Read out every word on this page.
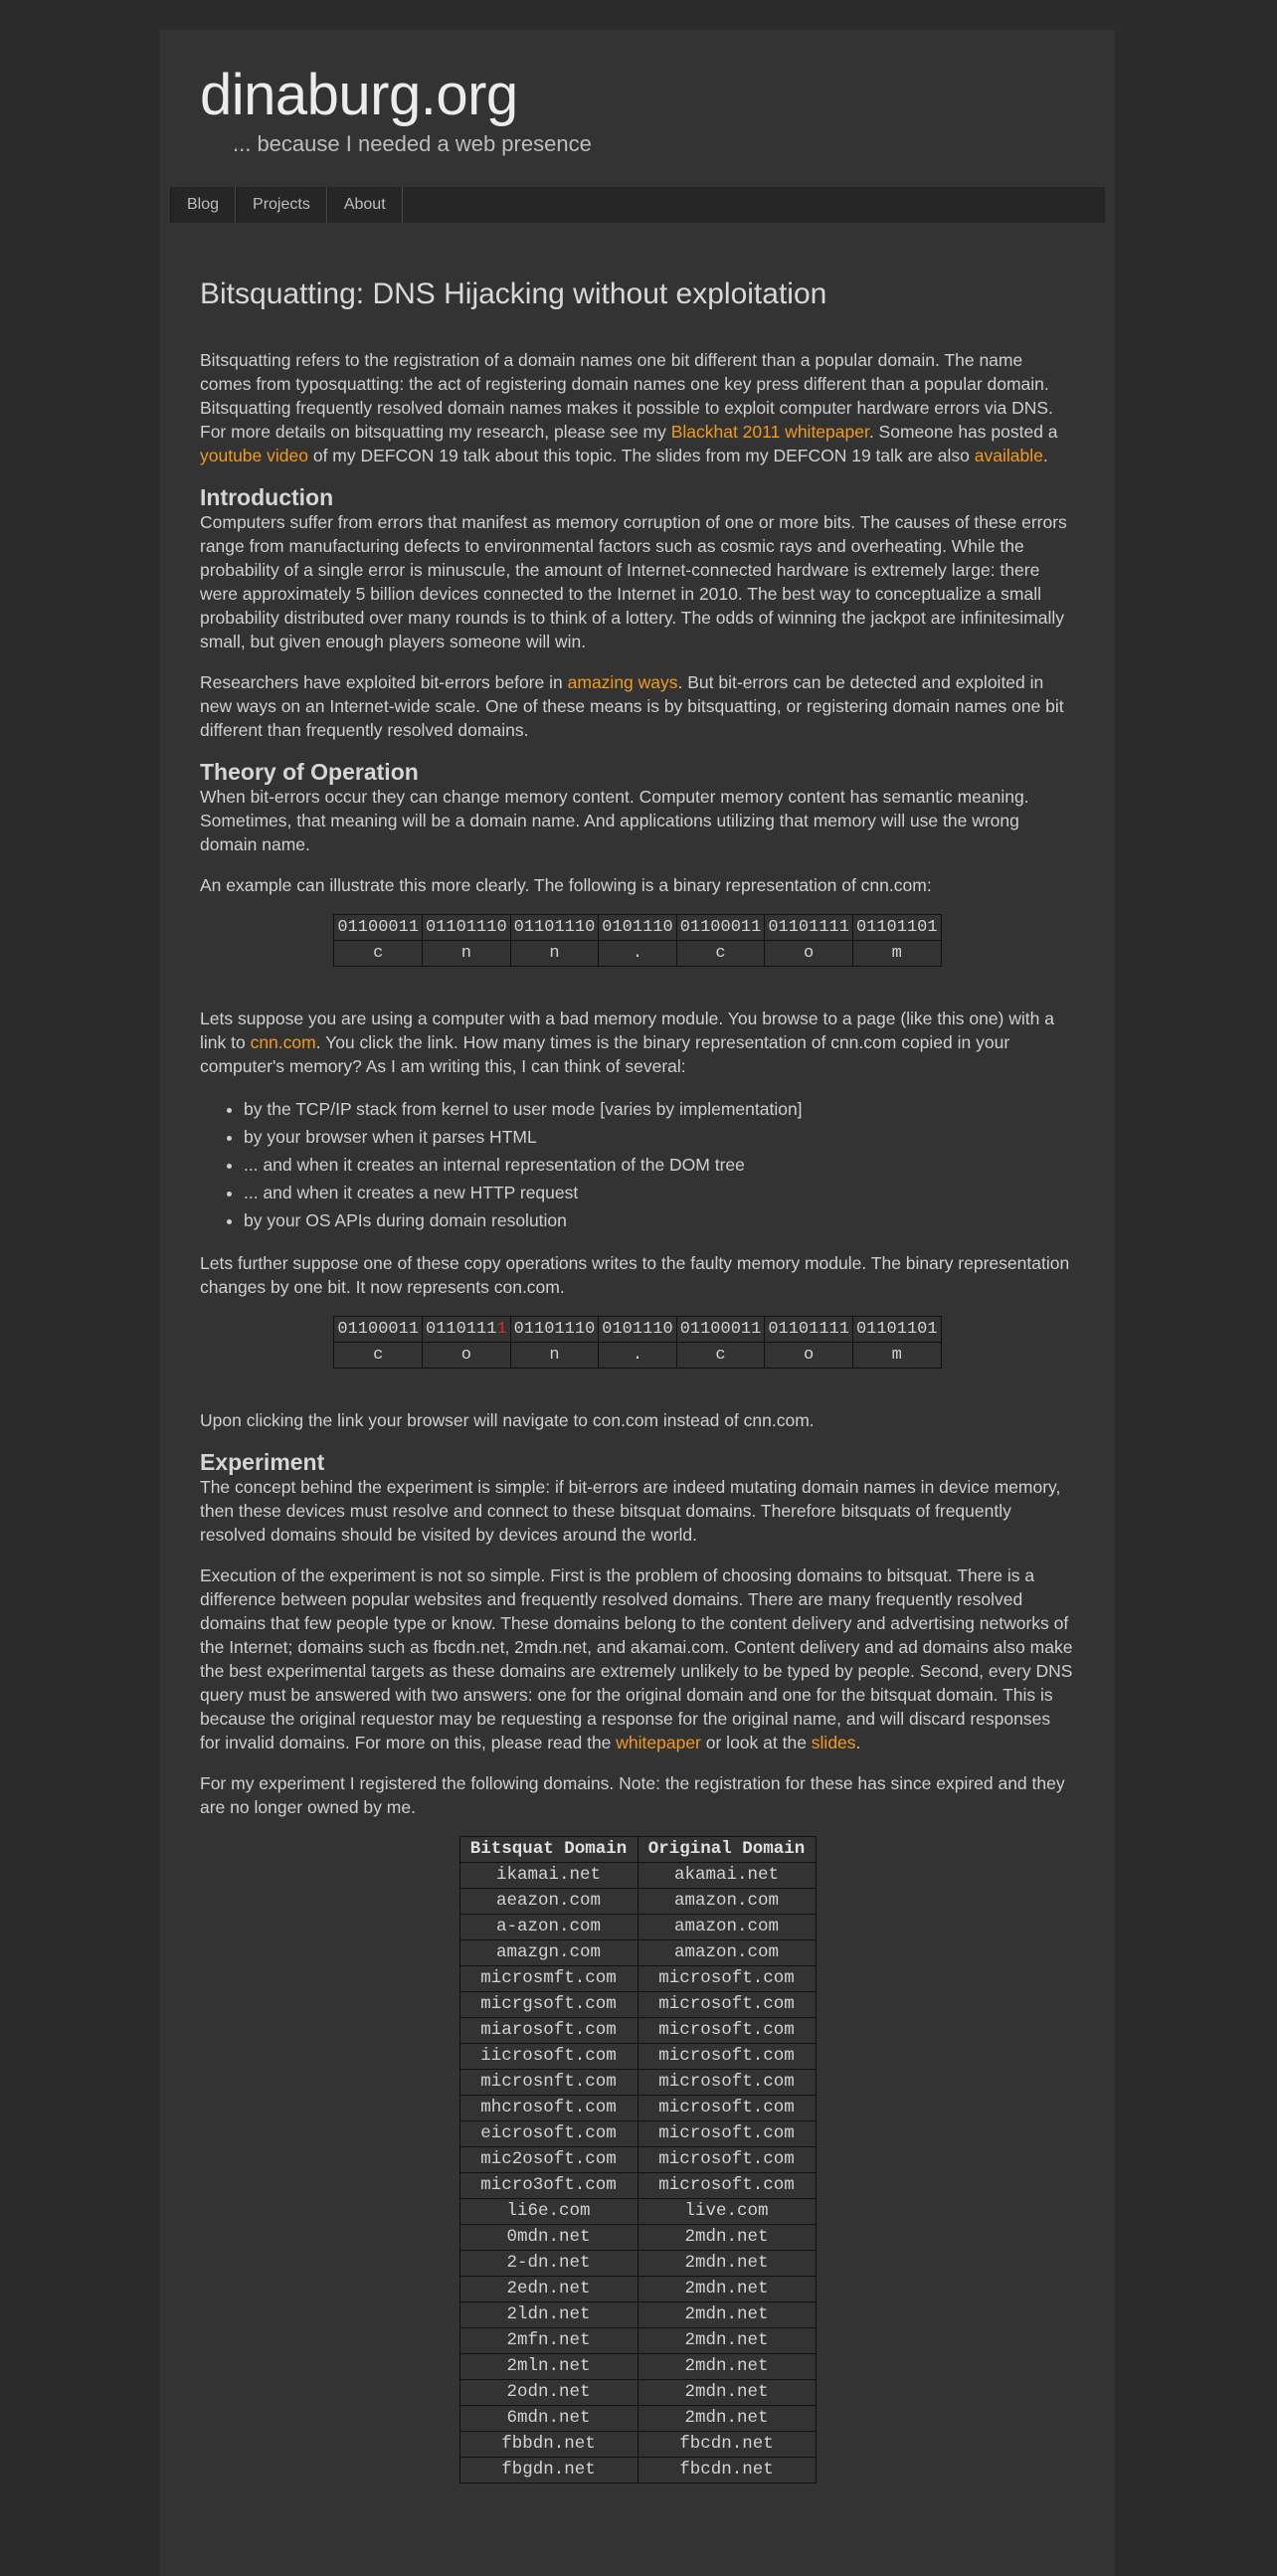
dinaburg.org

... because I needed a web presence

Blog	Projects	About
Bitsquatting: DNS Hijacking without exploitation

Bitsquatting refers to the registration of a domain names one bit different than a popular domain. The name comes from typosquatting: the act of registering domain names one key press different than a popular domain. Bitsquatting frequently resolved domain names makes it possible to exploit computer hardware errors via DNS. For more details on bitsquatting my research, please see my Blackhat 2011 whitepaper. Someone has posted a youtube video of my DEFCON 19 talk about this topic. The slides from my DEFCON 19 talk are also available.

Introduction

Computers suffer from errors that manifest as memory corruption of one or more bits. The causes of these errors range from manufacturing defects to environmental factors such as cosmic rays and overheating. While the probability of a single error is minuscule, the amount of Internet-connected hardware is extremely large: there were approximately 5 billion devices connected to the Internet in 2010. The best way to conceptualize a small probability distributed over many rounds is to think of a lottery. The odds of winning the jackpot are infinitesimally small, but given enough players someone will win.

Researchers have exploited bit-errors before in amazing ways. But bit-errors can be detected and exploited in new ways on an Internet-wide scale. One of these means is by bitsquatting, or registering domain names one bit different than frequently resolved domains.

Theory of Operation

When bit-errors occur they can change memory content. Computer memory content has semantic meaning. Sometimes, that meaning will be a domain name. And applications utilizing that memory will use the wrong domain name.

An example can illustrate this more clearly. The following is a binary representation of cnn.com:

01100011	01101110	01101110	0101110	01100011	01101111	01101101
c	n	n	.	c	o	m

Lets suppose you are using a computer with a bad memory module. You browse to a page (like this one) with a link to cnn.com. You click the link. How many times is the binary representation of cnn.com copied in your computer's memory? As I am writing this, I can think of several:

• by the TCP/IP stack from kernel to user mode [varies by implementation]
• by your browser when it parses HTML
• ... and when it creates an internal representation of the DOM tree
• ... and when it creates a new HTTP request
• by your OS APIs during domain resolution

Lets further suppose one of these copy operations writes to the faulty memory module. The binary representation changes by one bit. It now represents con.com.

01100011	01101111	01101110	0101110	01100011	01101111	01101101
c	o	n	.	c	o	m

Upon clicking the link your browser will navigate to con.com instead of cnn.com.

Experiment

The concept behind the experiment is simple: if bit-errors are indeed mutating domain names in device memory, then these devices must resolve and connect to these bitsquat domains. Therefore bitsquats of frequently resolved domains should be visited by devices around the world.

Execution of the experiment is not so simple. First is the problem of choosing domains to bitsquat. There is a difference between popular websites and frequently resolved domains. There are many frequently resolved domains that few people type or know. These domains belong to the content delivery and advertising networks of the Internet; domains such as fbcdn.net, 2mdn.net, and akamai.com. Content delivery and ad domains also make the best experimental targets as these domains are extremely unlikely to be typed by people. Second, every DNS query must be answered with two answers: one for the original domain and one for the bitsquat domain. This is because the original requestor may be requesting a response for the original name, and will discard responses for invalid domains. For more on this, please read the whitepaper or look at the slides.

For my experiment I registered the following domains. Note: the registration for these has since expired and they are no longer owned by me.

Bitsquat Domain	Original Domain
ikamai.net	akamai.net
aeazon.com	amazon.com
a-azon.com	amazon.com
amazgn.com	amazon.com
microsmft.com	microsoft.com
micrgsoft.com	microsoft.com
miarosoft.com	microsoft.com
iicrosoft.com	microsoft.com
microsnft.com	microsoft.com
mhcrosoft.com	microsoft.com
eicrosoft.com	microsoft.com
mic2osoft.com	microsoft.com
micro3oft.com	microsoft.com
li6e.com	live.com
0mdn.net	2mdn.net
2-dn.net	2mdn.net
2edn.net	2mdn.net
2ldn.net	2mdn.net
2mfn.net	2mdn.net
2mln.net	2mdn.net
2odn.net	2mdn.net
6mdn.net	2mdn.net
fbbdn.net	fbcdn.net
fbgdn.net	fbcdn.net
